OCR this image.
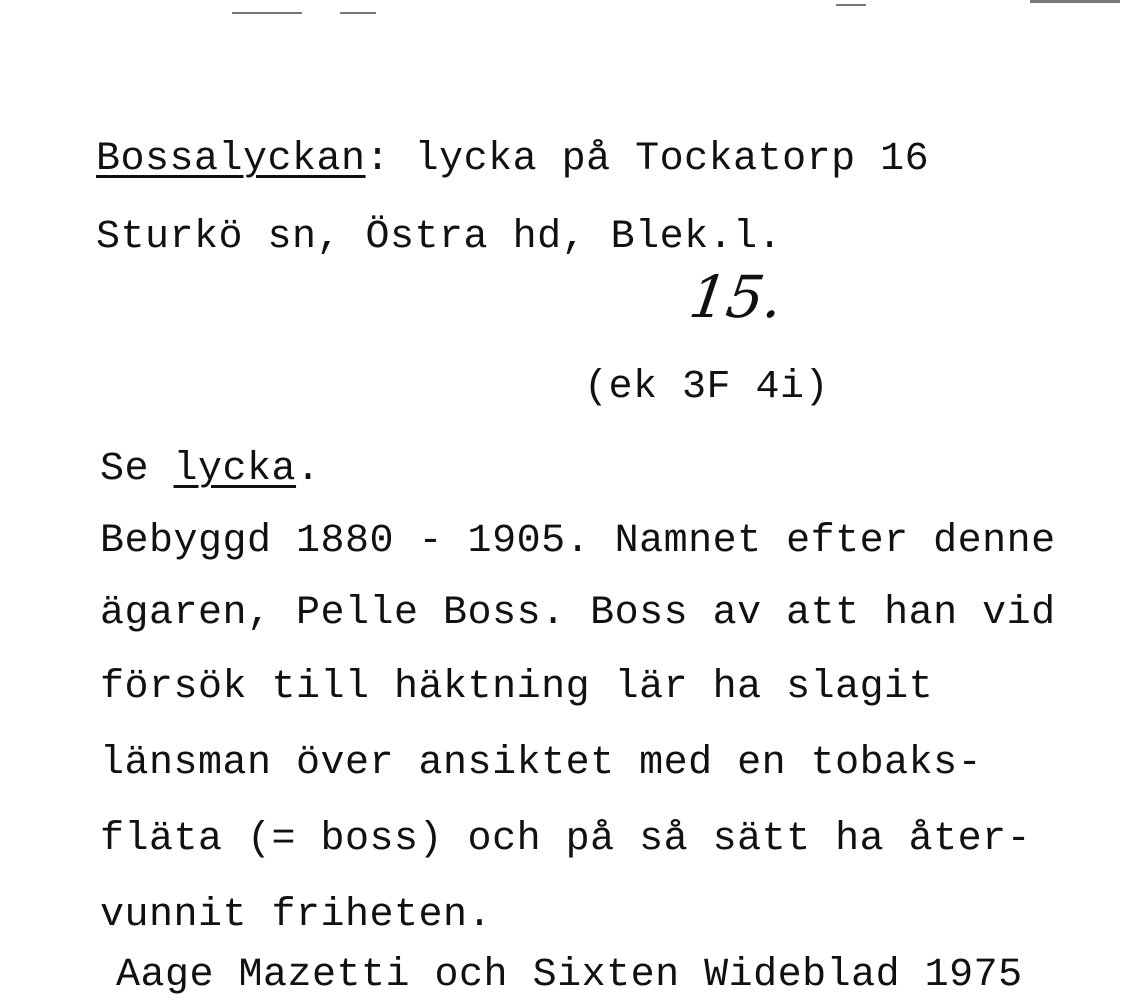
Bossalyckan: lycka på Tockatorp 16
Sturkö sn, Östra hd, Blek.l.
15.
(ek 3F 4i)
Se lycka.
Bebyggd 1880 - 1905. Namnet efter denne
ägaren, Pelle Boss. Boss av att han vid
försök till häktning lär ha slagit
länsman över ansiktet med en tobaks-
fläta (= boss) och på så sätt ha åter-
vunnit friheten.
Aage Mazetti och Sixten Wideblad 1975
